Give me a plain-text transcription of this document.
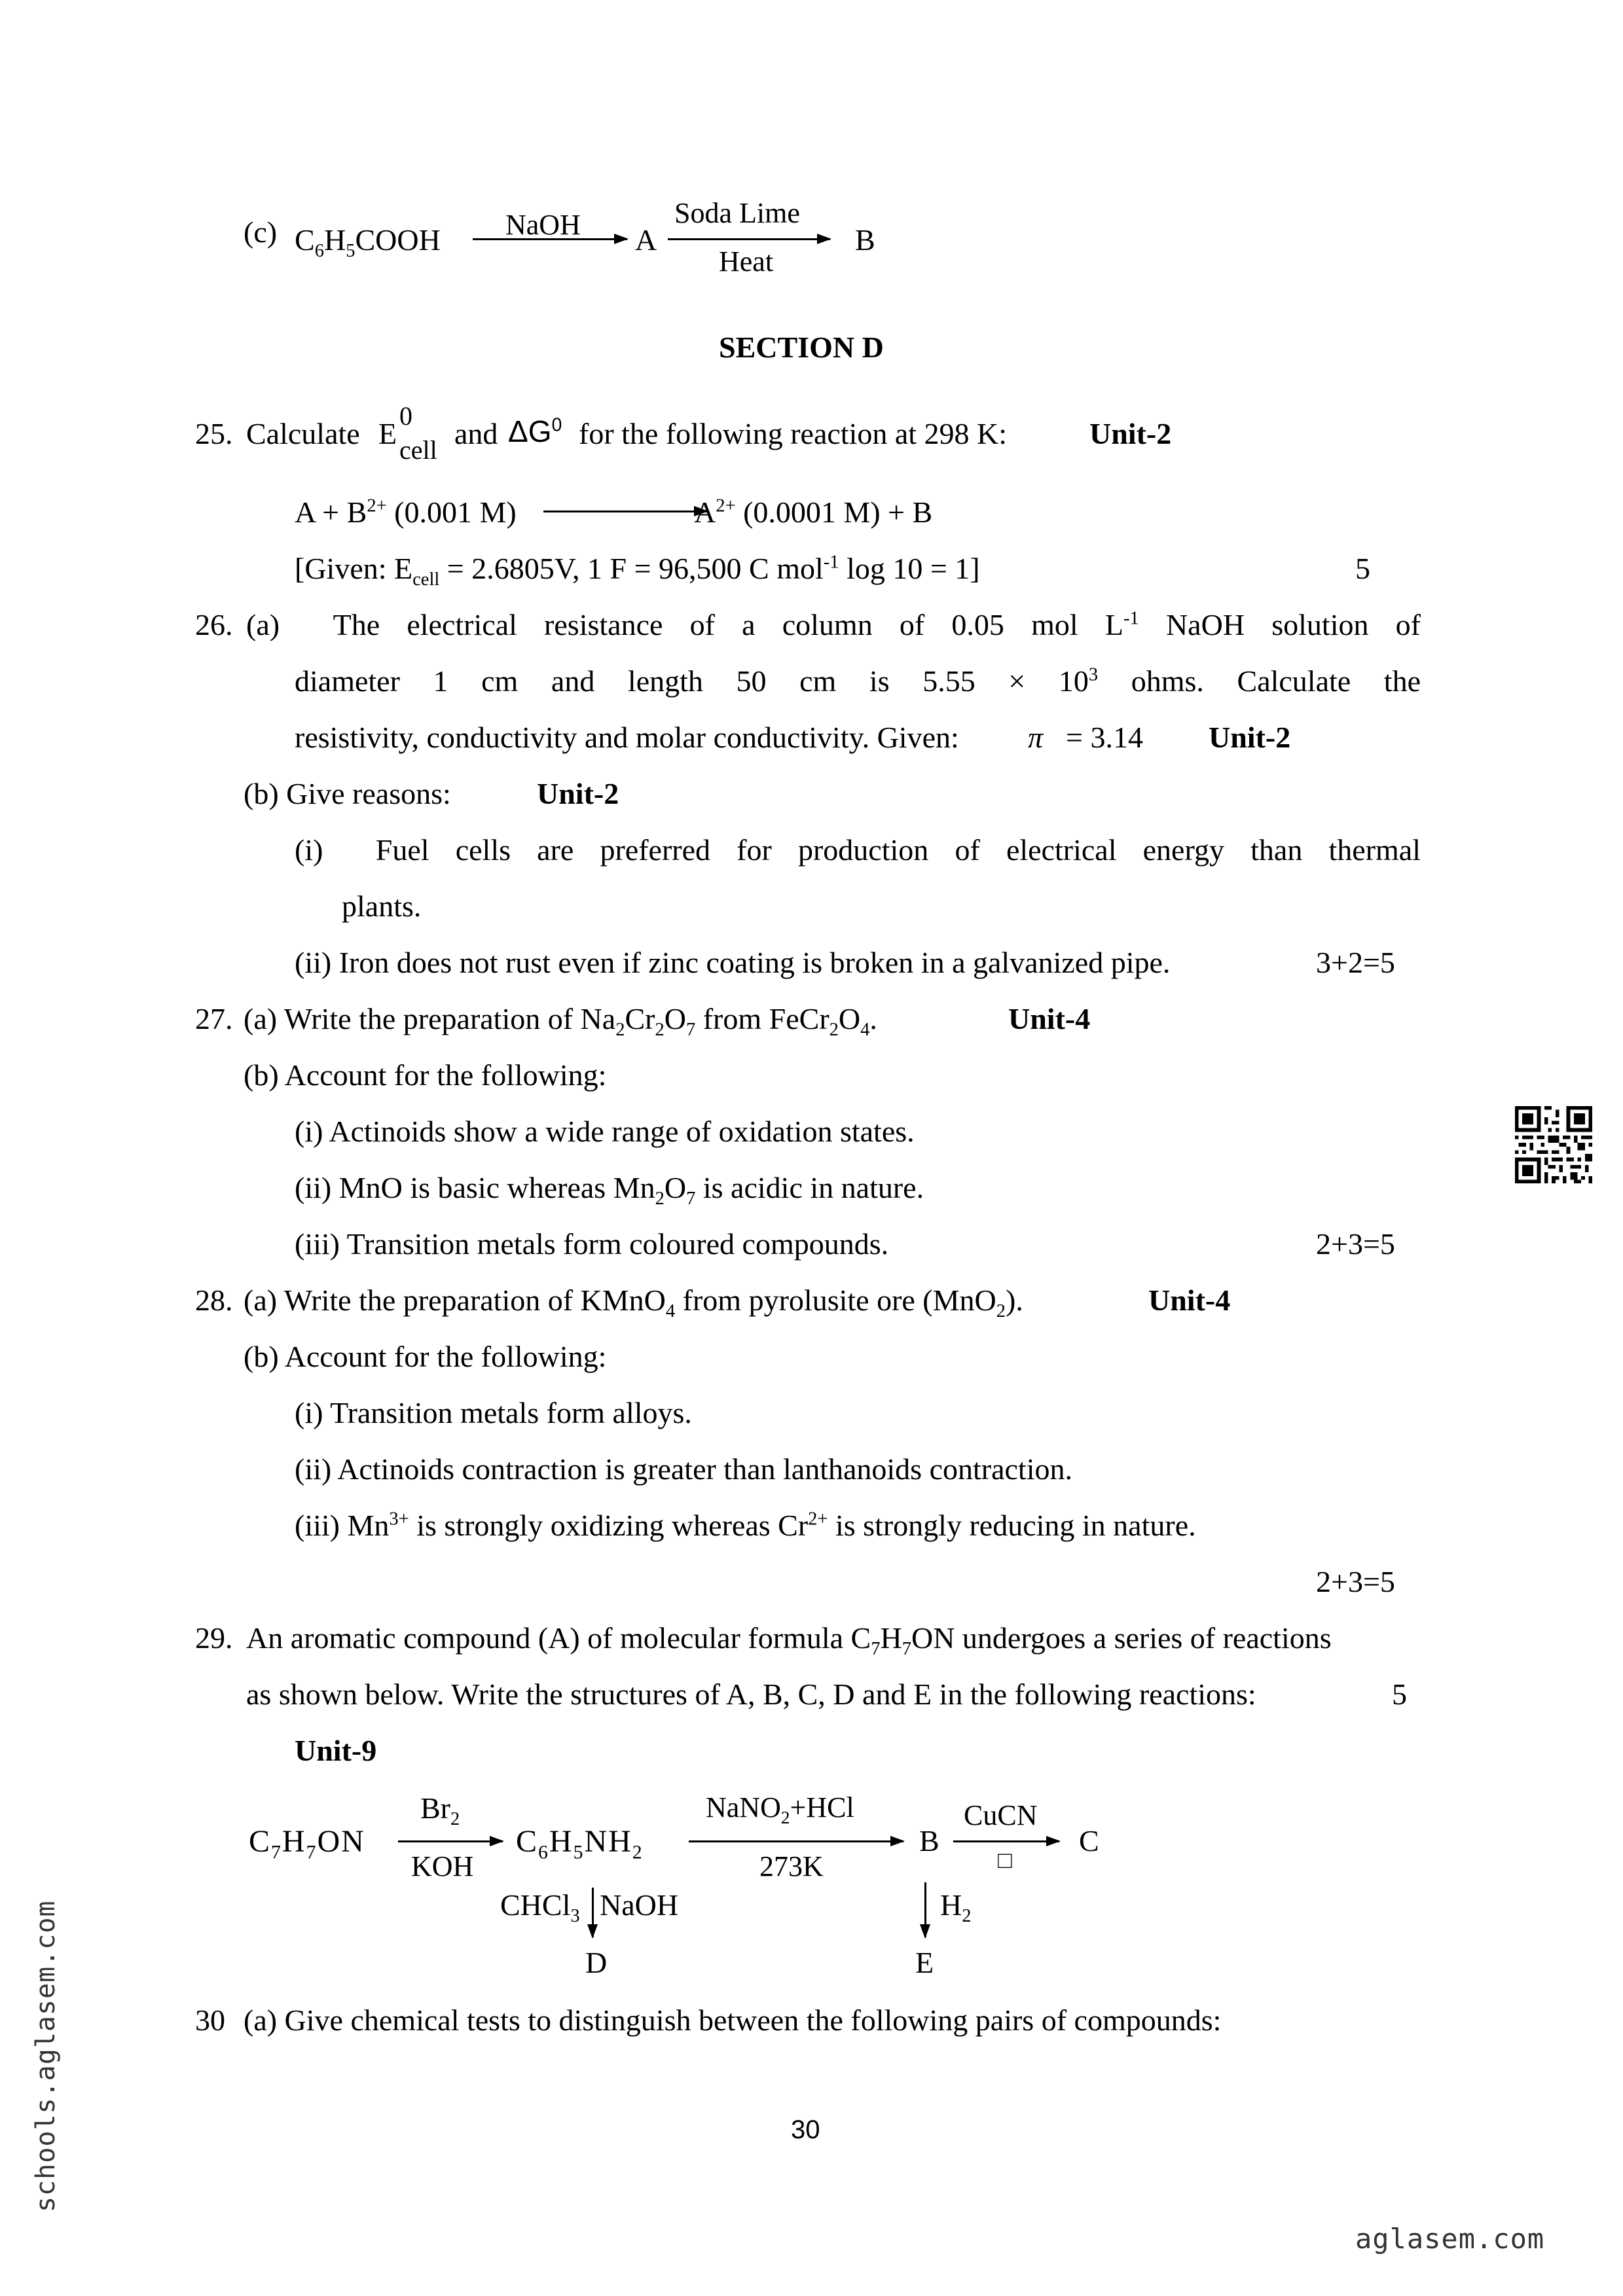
(c) $C_6H_5COOH$ NaOH A
Soda Lime
Heat
B
SECTION D
25. Calculate E
0
cell and $\Delta G^0$ for the following reaction at 298 K:	Unit-2
$A + B^{2+}$ (0.001 M)	$A^{2+}$ (0.0001 M) + B
[Given: $E_{cell} = 2.6805V$, 1 F = 96,500 C mol$^{-1}$ log 10 = 1]	5
26. (a)  The electrical resistance of a column of 0.05 mol $L^{-1}$ NaOH solution of
diameter 1 cm and length 50 cm is $5.55 \times 10^3$ ohms. Calculate the
resistivity, conductivity and molar conductivity. Given: π = 3.14 Unit-2
(b) Give reasons:	Unit-2
(i)  Fuel cells are preferred for production of electrical energy than thermal
plants.
(ii) Iron does not rust even if zinc coating is broken in a galvanized pipe.	3+2=5
27. (a) Write the preparation of $Na_2Cr_2O_7$ from $FeCr_2O_4$.	Unit-4
(b) Account for the following:
(i) Actinoids show a wide range of oxidation states.
(ii) MnO is basic whereas $Mn_2O_7$ is acidic in nature.
(iii) Transition metals form coloured compounds.	2+3=5
28. (a) Write the preparation of KMnO$_4$ from pyrolusite ore (MnO$_2$).	Unit-4
(b) Account for the following:
(i) Transition metals form alloys.
(ii) Actinoids contraction is greater than lanthanoids contraction.
(iii) $Mn^{3+}$ is strongly oxidizing whereas $Cr^{2+}$ is strongly reducing in nature.
2+3=5
29. An aromatic compound (A) of molecular formula $C_7H_7ON$ undergoes a series of reactions
as shown below. Write the structures of A, B, C, D and E in the following reactions:	5
Unit-9
$C_7H_7ON$
$Br_2$
KOH
$C_6H_5NH_2$
NaNO$_2$+HCl
273K
B
CuCN
□
C
CHCl$_3$ NaOH
D
$H_2$
E
30 (a) Give chemical tests to distinguish between the following pairs of compounds:
30
schools.aglasem.com
aglasem.com
